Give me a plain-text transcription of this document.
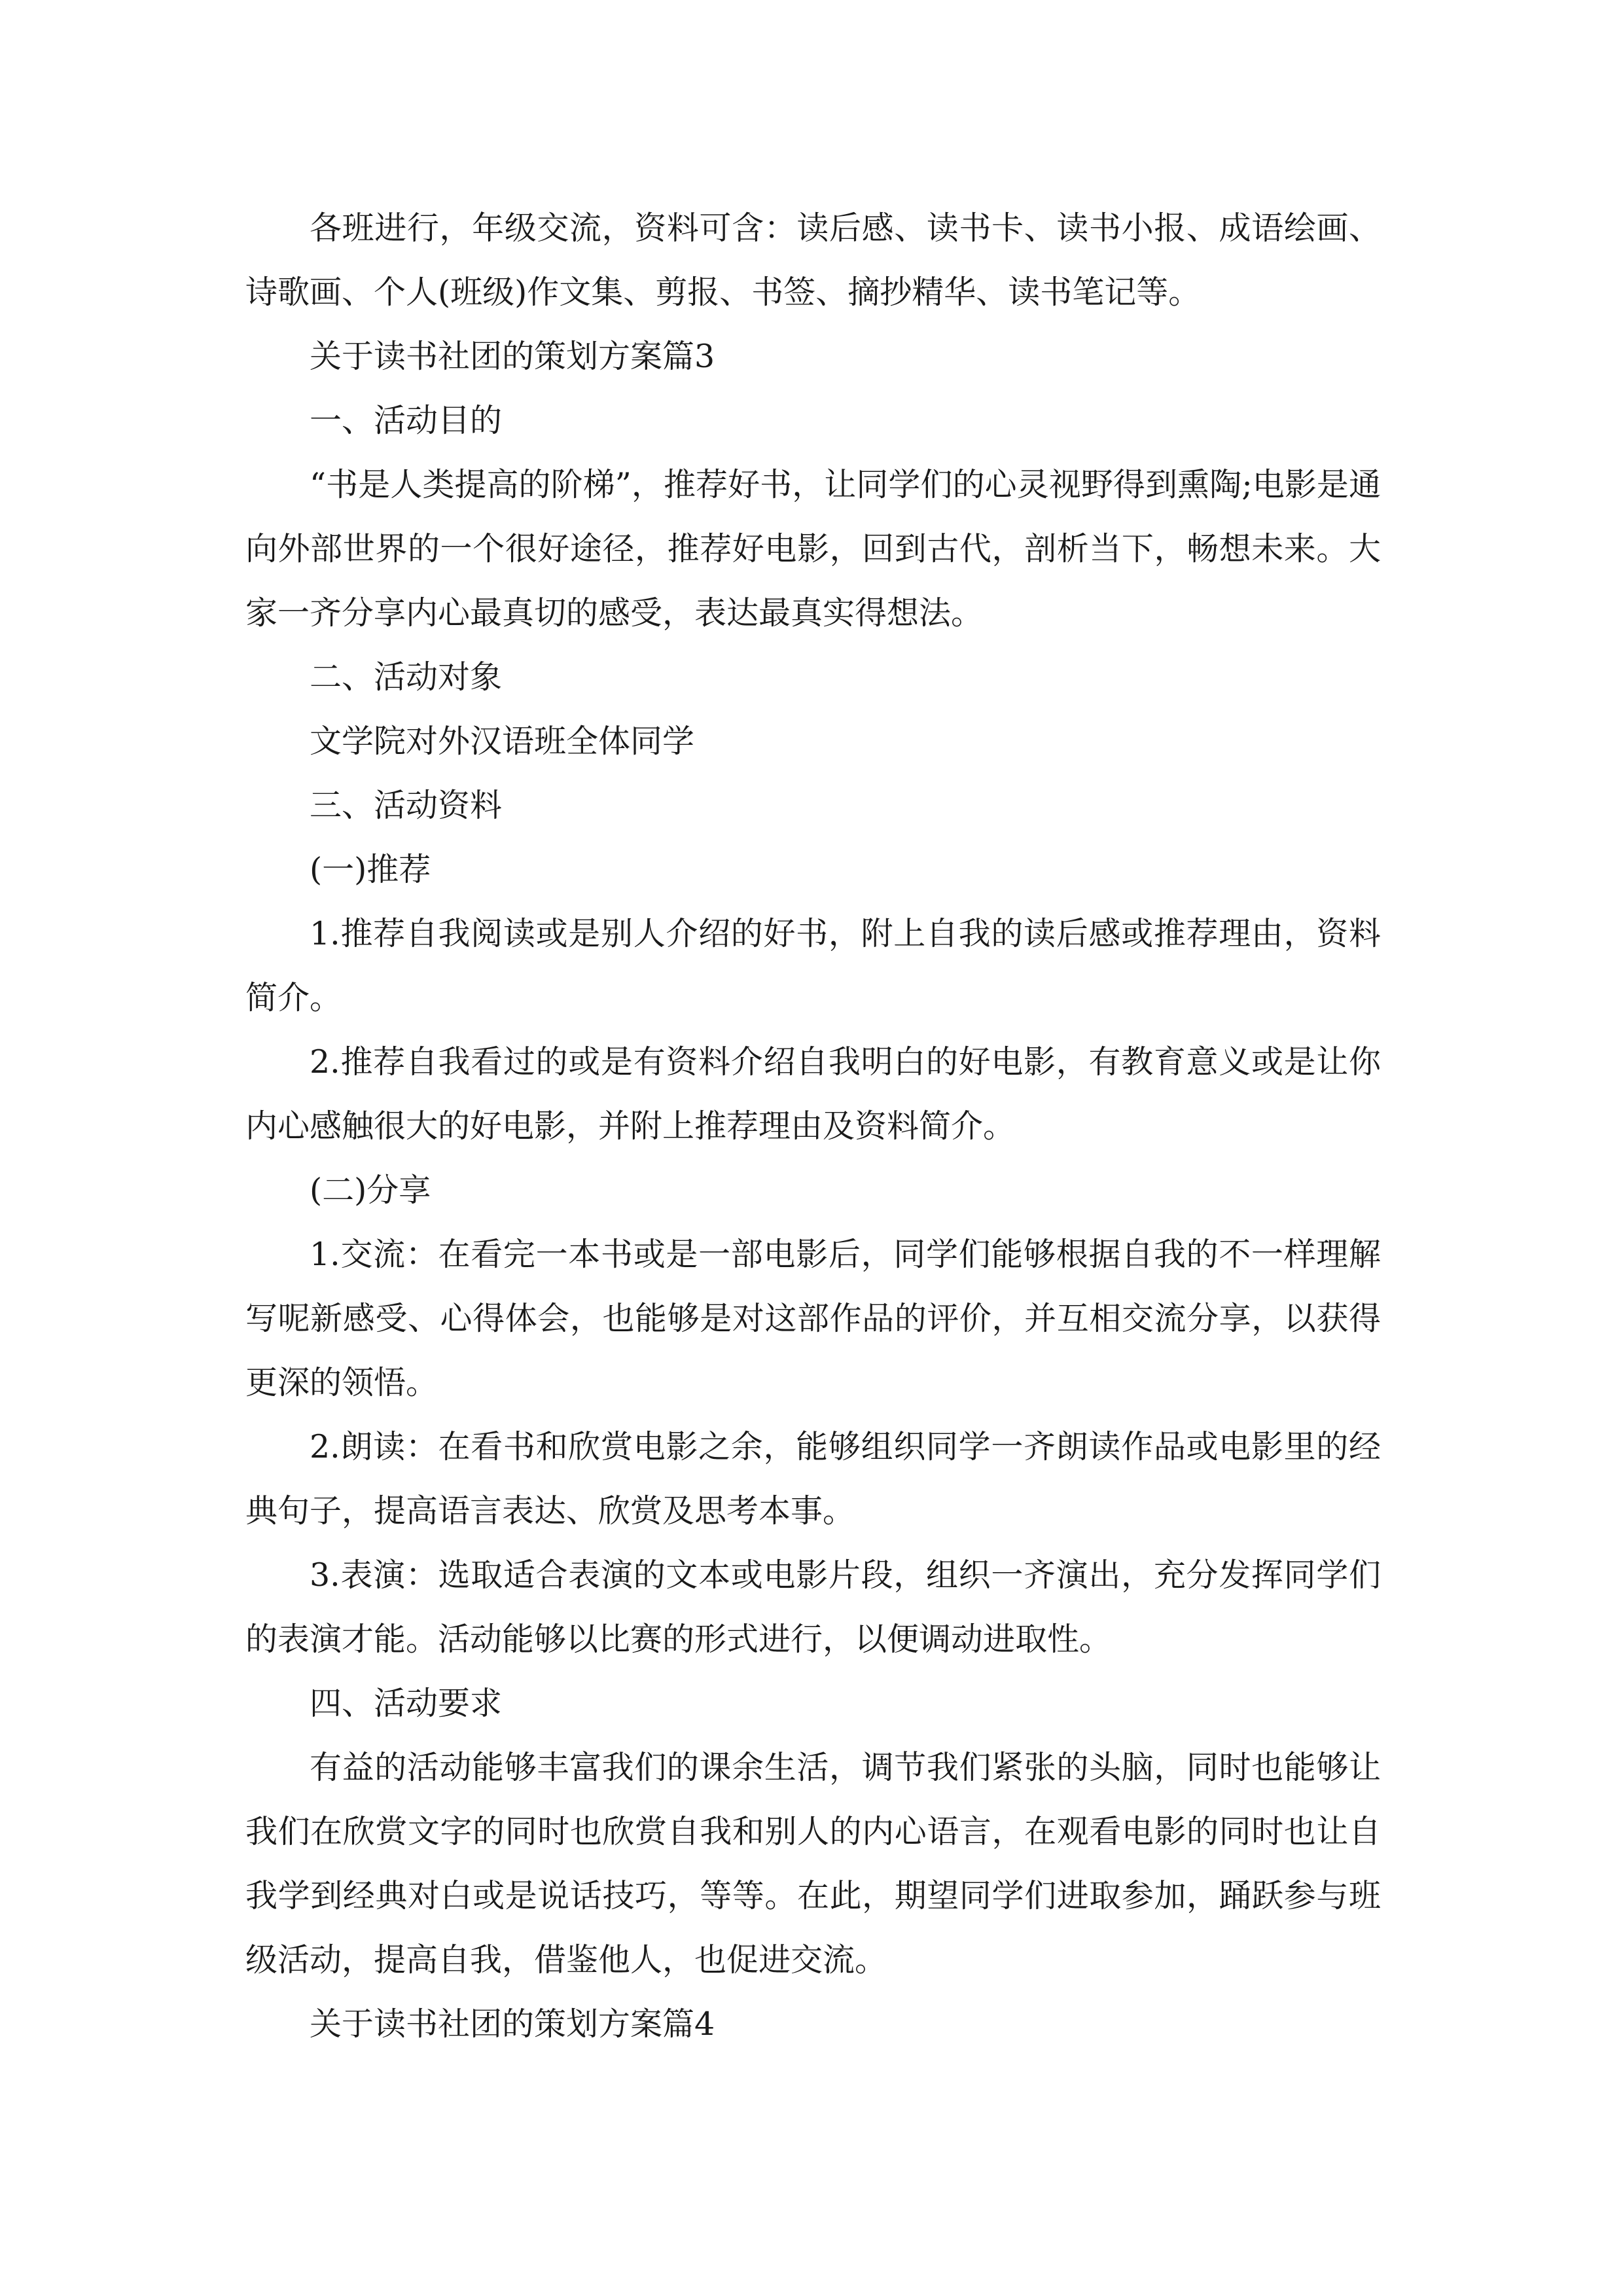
各班进行，年级交流，资料可含：读后感、读书卡、读书小报、成语绘画、诗歌画、个人(班级)作文集、剪报、书签、摘抄精华、读书笔记等。

关于读书社团的策划方案篇3

一、活动目的

“书是人类提高的阶梯”，推荐好书，让同学们的心灵视野得到熏陶;电影是通向外部世界的一个很好途径，推荐好电影，回到古代，剖析当下，畅想未来。大家一齐分享内心最真切的感受，表达最真实得想法。

二、活动对象

文学院对外汉语班全体同学

三、活动资料

(一)推荐

1.推荐自我阅读或是别人介绍的好书，附上自我的读后感或推荐理由，资料简介。

2.推荐自我看过的或是有资料介绍自我明白的好电影，有教育意义或是让你内心感触很大的好电影，并附上推荐理由及资料简介。

(二)分享

1.交流：在看完一本书或是一部电影后，同学们能够根据自我的不一样理解写呢新感受、心得体会，也能够是对这部作品的评价，并互相交流分享，以获得更深的领悟。

2.朗读：在看书和欣赏电影之余，能够组织同学一齐朗读作品或电影里的经典句子，提高语言表达、欣赏及思考本事。

3.表演：选取适合表演的文本或电影片段，组织一齐演出，充分发挥同学们的表演才能。活动能够以比赛的形式进行，以便调动进取性。

四、活动要求

有益的活动能够丰富我们的课余生活，调节我们紧张的头脑，同时也能够让我们在欣赏文字的同时也欣赏自我和别人的内心语言，在观看电影的同时也让自我学到经典对白或是说话技巧，等等。在此，期望同学们进取参加，踊跃参与班级活动，提高自我，借鉴他人，也促进交流。

关于读书社团的策划方案篇4
